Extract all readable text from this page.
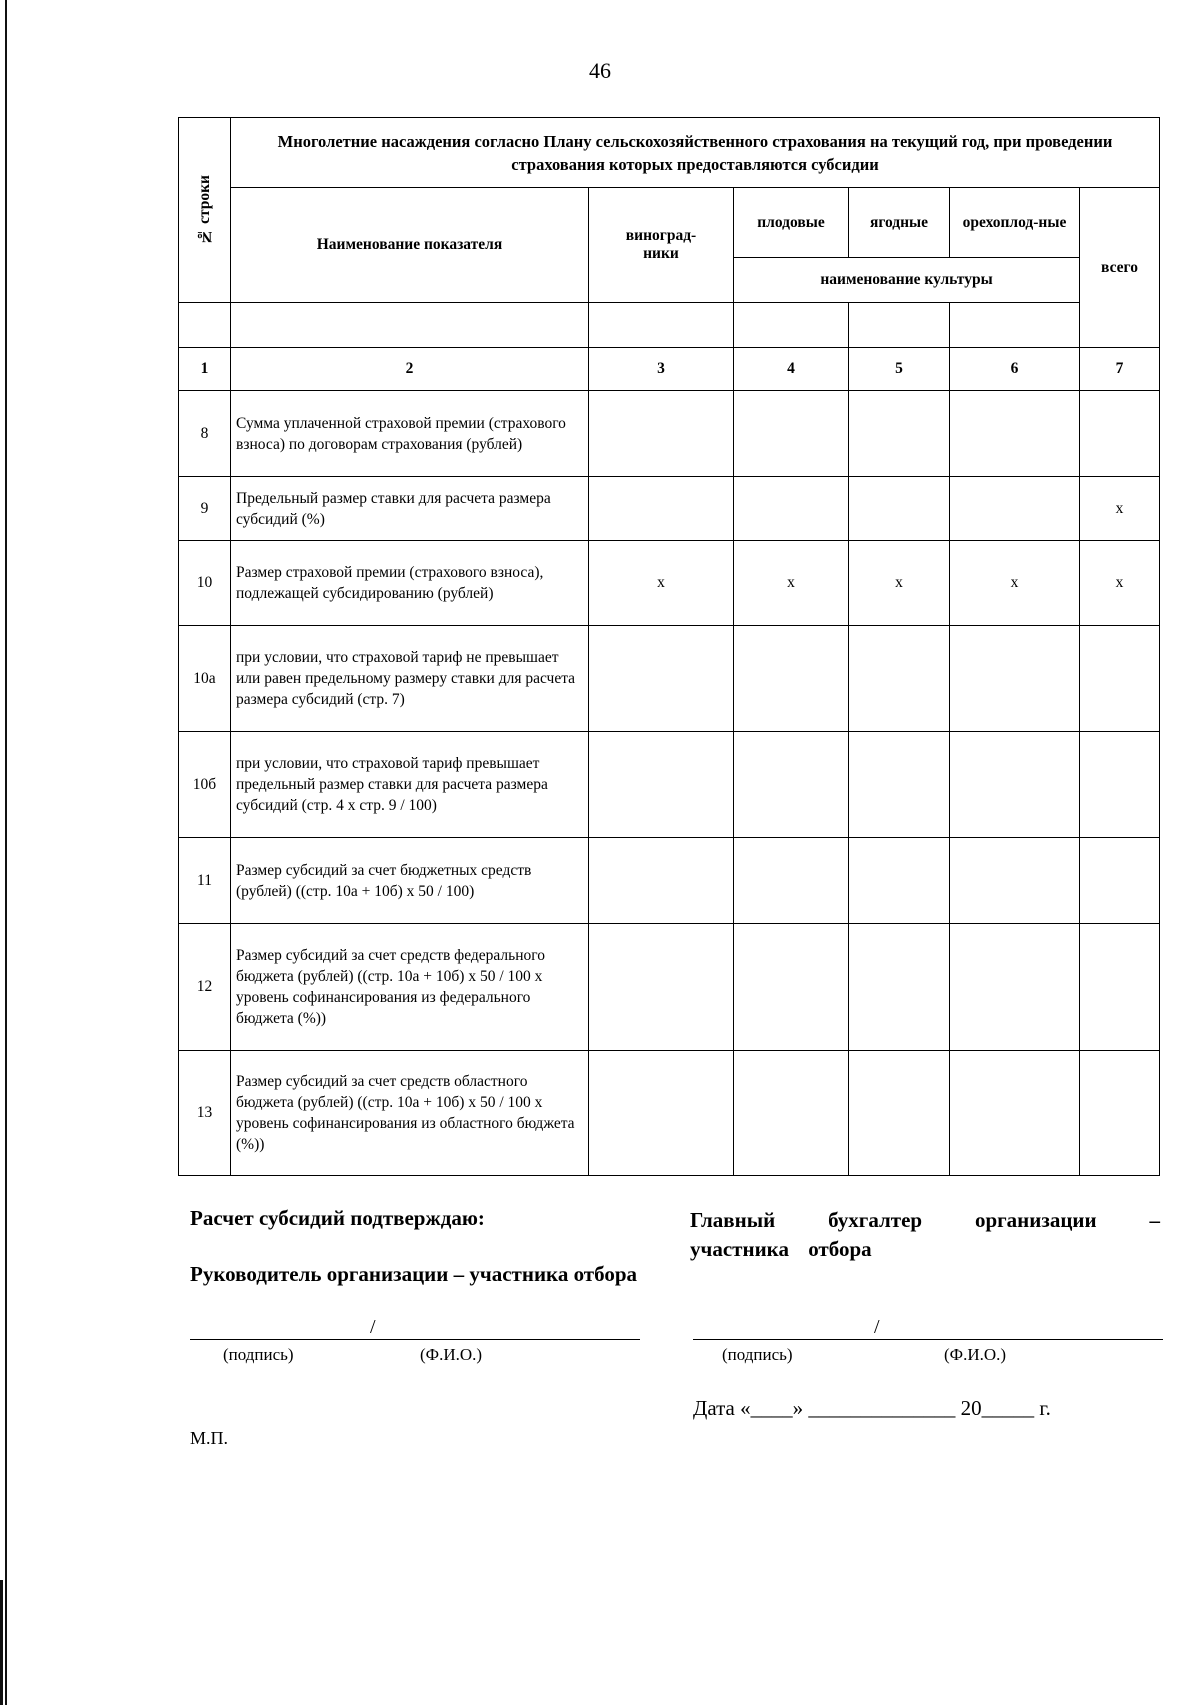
46
№ строки	Многолетние насаждения согласно Плану сельскохозяйственного страхования на текущий год, при проведении страхования которых предоставляются субсидии					
	Наименование показателя	виноград-ники	плодовые	ягодные	орехоплод-ные	всего
			наименование культуры			

1	2	3	4	5	6	7
8	Сумма уплаченной страховой премии (страхового взноса) по договорам страхования (рублей)					
9	Предельный размер ставки для расчета размера субсидий (%)					x
10	Размер страховой премии (страхового взноса), подлежащей субсидированию (рублей)	x	x	x	x	x
10а	при условии, что страховой тариф не превышает или равен предельному размеру ставки для расчета размера субсидий (стр. 7)					
10б	при условии, что страховой тариф превышает предельный размер ставки для расчета размера субсидий (стр. 4 x стр. 9 / 100)					
11	Размер субсидий за счет бюджетных средств (рублей) ((стр. 10а + 10б) x 50 / 100)					
12	Размер субсидий за счет средств федерального бюджета (рублей) ((стр. 10а + 10б) x 50 / 100 x уровень софинансирования из федерального бюджета (%))					
13	Размер субсидий за счет средств областного бюджета (рублей) ((стр. 10а + 10б) x 50 / 100 x уровень софинансирования из областного бюджета (%))					
Расчет субсидий подтверждаю:
Руководитель организации – участника отбора
Главный бухгалтер организации – участника отбора
/
(подпись)	(Ф.И.О.)
/
(подпись)	(Ф.И.О.)
Дата «____» ______________ 20_____ г.
М.П.
